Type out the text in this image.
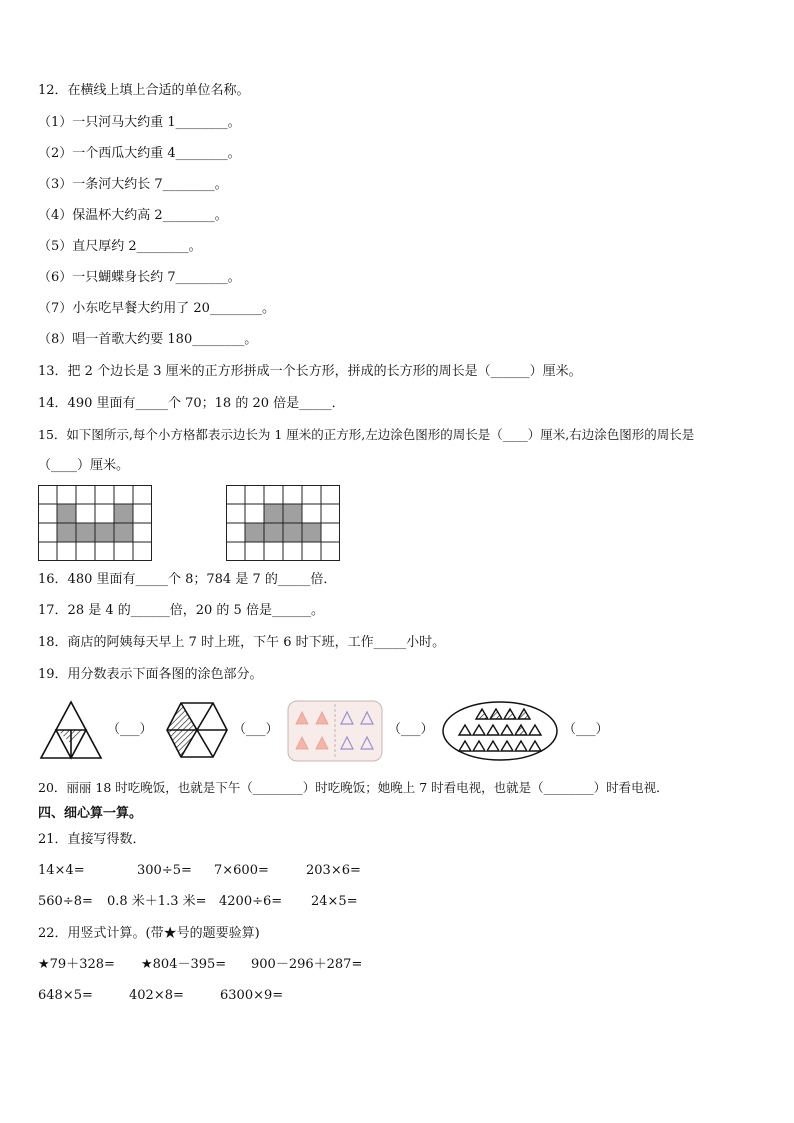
12．在横线上填上合适的单位名称。
（1）一只河马大约重 1________。
（2）一个西瓜大约重 4________。
（3）一条河大约长 7________。
（4）保温杯大约高 2________。
（5）直尺厚约 2________。
（6）一只蝴蝶身长约 7________。
（7）小东吃早餐大约用了 20________。
（8）唱一首歌大约要 180________。
13．把 2 个边长是 3 厘米的正方形拼成一个长方形，拼成的长方形的周长是（______）厘米。
14．490 里面有_____个 70；18 的 20 倍是_____．
15．如下图所示,每个小方格都表示边长为 1 厘米的正方形,左边涂色图形的周长是（____）厘米,右边涂色图形的周长是
（____）厘米。
16．480 里面有_____个 8；784 是 7 的_____倍．
17．28 是 4 的______倍，20 的 5 倍是______。
18．商店的阿姨每天早上 7 时上班，下午 6 时下班，工作_____小时。
19．用分数表示下面各图的涂色部分。
（___）	（___）	（___）	（___）
20．丽丽 18 时吃晚饭，也就是下午（________）时吃晚饭；她晚上 7 时看电视，也就是（________）时看电视．
四、细心算一算。
21．直接写得数．
14×4=	300÷5= 7×600=	203×6=
560÷8= 0.8 米＋1.3 米= 4200÷6= 24×5=
22．用竖式计算。(带★号的题要验算)
★79＋328= ★804－395= 900－296＋287=
648×5=	402×8=	6300×9=
